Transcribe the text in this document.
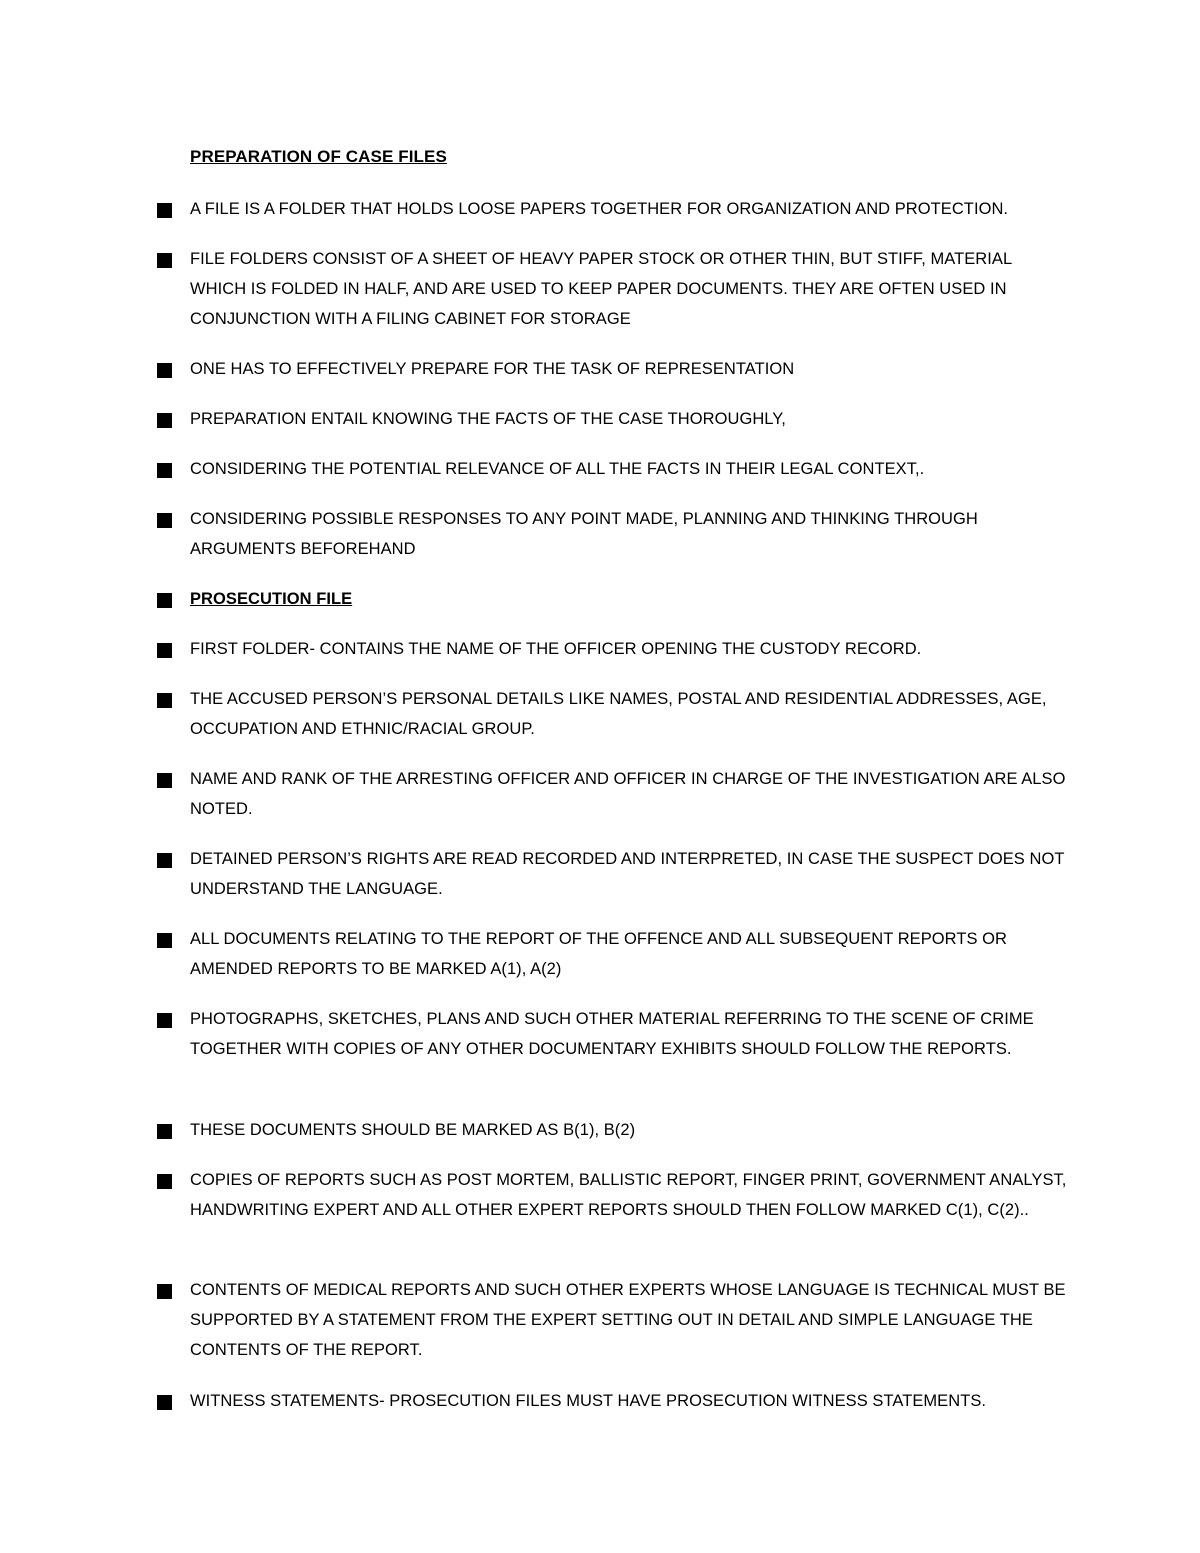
PREPARATION OF CASE FILES
A FILE IS A FOLDER THAT HOLDS LOOSE PAPERS TOGETHER FOR ORGANIZATION AND PROTECTION.
FILE FOLDERS CONSIST OF A SHEET OF HEAVY PAPER STOCK OR OTHER THIN, BUT STIFF, MATERIAL WHICH IS FOLDED IN HALF, AND ARE USED TO KEEP PAPER DOCUMENTS. THEY ARE OFTEN USED IN CONJUNCTION WITH A FILING CABINET FOR STORAGE
ONE HAS TO EFFECTIVELY PREPARE FOR THE TASK OF REPRESENTATION
PREPARATION ENTAIL KNOWING THE FACTS OF THE CASE THOROUGHLY,
CONSIDERING THE POTENTIAL RELEVANCE OF ALL THE FACTS IN THEIR LEGAL CONTEXT,.
CONSIDERING POSSIBLE RESPONSES TO ANY POINT MADE, PLANNING AND THINKING THROUGH ARGUMENTS BEFOREHAND
PROSECUTION FILE
FIRST FOLDER- CONTAINS THE NAME OF THE OFFICER OPENING THE CUSTODY RECORD.
THE ACCUSED PERSON’S PERSONAL DETAILS LIKE NAMES, POSTAL AND RESIDENTIAL ADDRESSES, AGE, OCCUPATION AND ETHNIC/RACIAL GROUP.
NAME AND RANK OF THE ARRESTING OFFICER AND OFFICER IN CHARGE OF THE INVESTIGATION ARE ALSO NOTED.
DETAINED PERSON’S RIGHTS ARE READ RECORDED AND INTERPRETED, IN CASE THE SUSPECT DOES NOT UNDERSTAND THE LANGUAGE.
ALL DOCUMENTS RELATING TO THE REPORT OF THE OFFENCE AND ALL SUBSEQUENT REPORTS OR AMENDED REPORTS TO BE MARKED A(1), A(2)
PHOTOGRAPHS, SKETCHES, PLANS AND SUCH OTHER MATERIAL REFERRING TO THE SCENE OF CRIME TOGETHER WITH COPIES OF ANY OTHER DOCUMENTARY EXHIBITS SHOULD FOLLOW THE REPORTS.
THESE DOCUMENTS SHOULD BE MARKED AS B(1), B(2)
COPIES OF REPORTS SUCH AS POST MORTEM, BALLISTIC REPORT, FINGER PRINT, GOVERNMENT ANALYST, HANDWRITING EXPERT AND ALL OTHER EXPERT REPORTS SHOULD THEN FOLLOW MARKED C(1), C(2)..
CONTENTS OF MEDICAL REPORTS AND SUCH OTHER EXPERTS WHOSE LANGUAGE IS TECHNICAL MUST BE SUPPORTED BY A STATEMENT FROM THE EXPERT SETTING OUT IN DETAIL AND SIMPLE LANGUAGE THE CONTENTS OF THE REPORT.
WITNESS STATEMENTS- PROSECUTION FILES MUST HAVE PROSECUTION WITNESS STATEMENTS.
